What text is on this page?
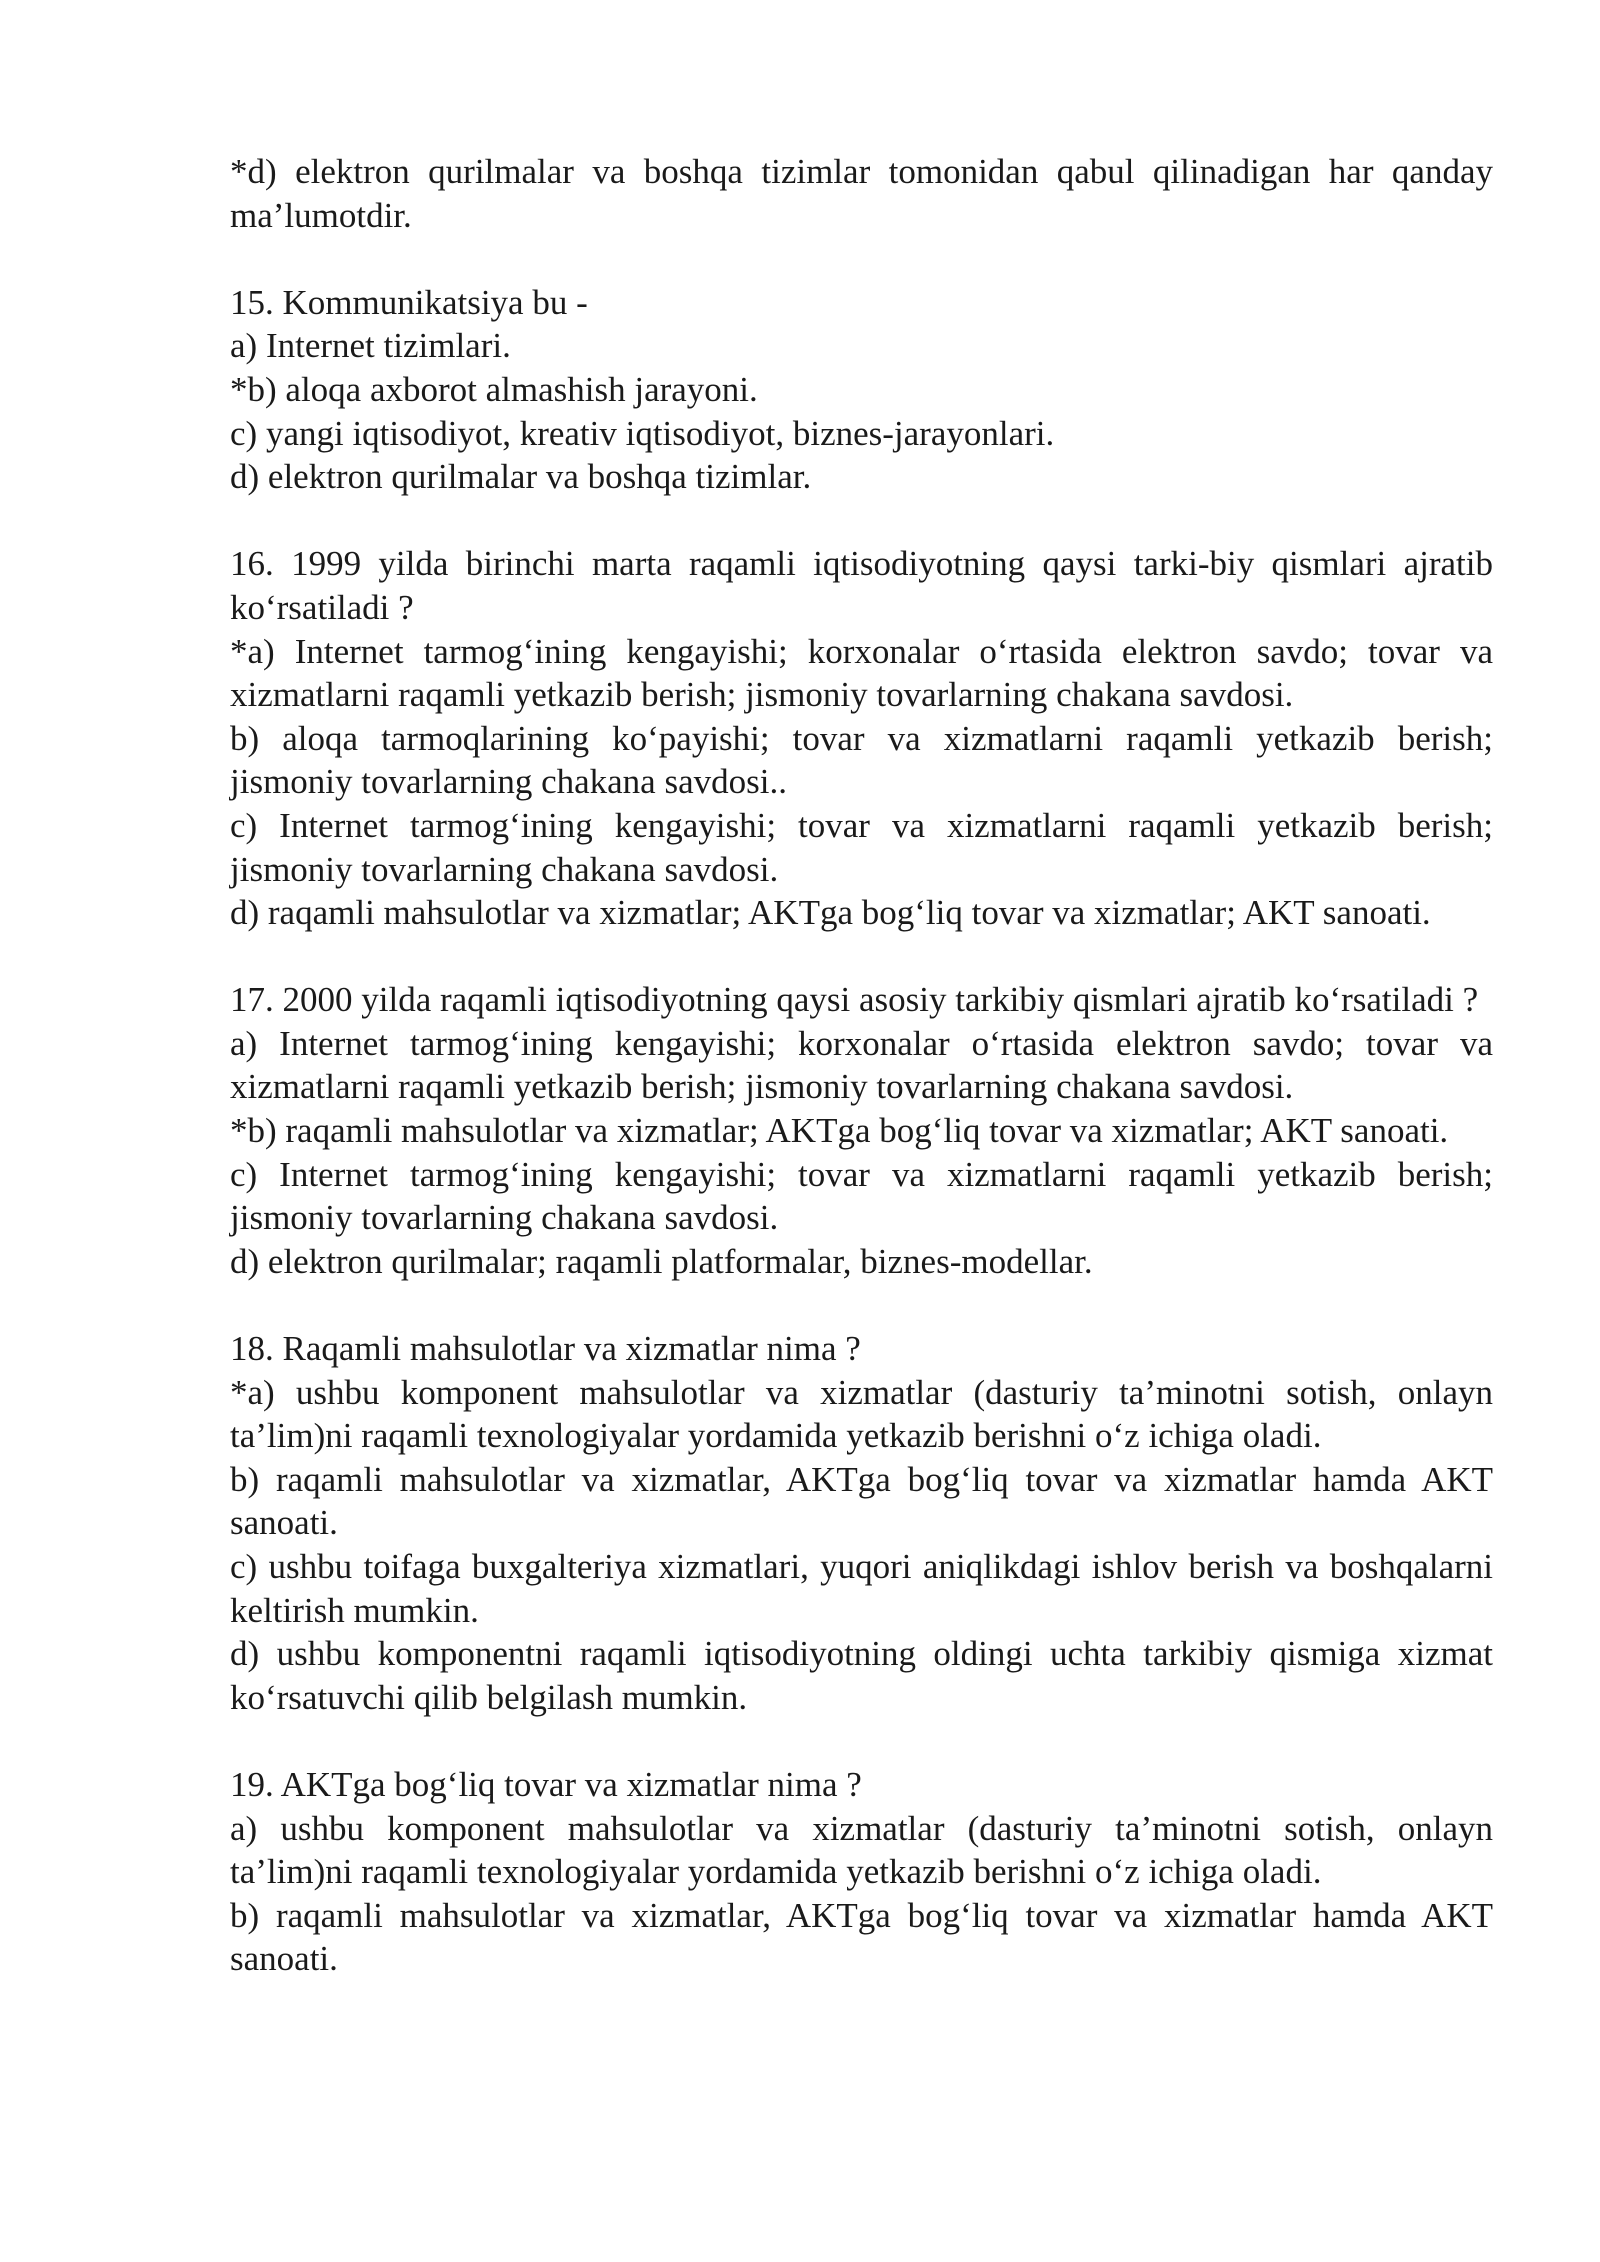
*d) elektron qurilmalar va boshqa tizimlar tomonidan qabul qilinadigan har qanday ma’lumotdir.
15. Kommunikatsiya bu -
a) Internet tizimlari.
*b) aloqa axborot almashish jarayoni.
c) yangi iqtisodiyot, kreativ iqtisodiyot, biznes-jarayonlari.
d) elektron qurilmalar va boshqa tizimlar.
16. 1999 yilda birinchi marta raqamli iqtisodiyotning qaysi tarki-biy qismlari ajratib ko‘rsatiladi ?
*a) Internet tarmog‘ining kengayishi; korxonalar o‘rtasida elektron savdo; tovar va xizmatlarni raqamli yetkazib berish; jismoniy tovarlarning chakana savdosi.
b) aloqa tarmoqlarining ko‘payishi; tovar va xizmatlarni raqamli yetkazib berish; jismoniy tovarlarning chakana savdosi..
c) Internet tarmog‘ining kengayishi; tovar va xizmatlarni raqamli yetkazib berish; jismoniy tovarlarning chakana savdosi.
d) raqamli mahsulotlar va xizmatlar; AKTga bog‘liq tovar va xizmatlar; AKT sanoati.
17. 2000 yilda raqamli iqtisodiyotning qaysi asosiy tarkibiy qismlari ajratib ko‘rsatiladi ?
a) Internet tarmog‘ining kengayishi; korxonalar o‘rtasida elektron savdo; tovar va xizmatlarni raqamli yetkazib berish; jismoniy tovarlarning chakana savdosi.
*b) raqamli mahsulotlar va xizmatlar; AKTga bog‘liq tovar va xizmatlar; AKT sanoati.
c) Internet tarmog‘ining kengayishi; tovar va xizmatlarni raqamli yetkazib berish; jismoniy tovarlarning chakana savdosi.
d) elektron qurilmalar; raqamli platformalar, biznes-modellar.
18. Raqamli mahsulotlar va xizmatlar nima ?
*a) ushbu komponent mahsulotlar va xizmatlar (dasturiy ta’minotni sotish, onlayn ta’lim)ni raqamli texnologiyalar yordamida yetkazib berishni o‘z ichiga oladi.
b) raqamli mahsulotlar va xizmatlar, AKTga bog‘liq tovar va xizmatlar hamda AKT sanoati.
c) ushbu toifaga buxgalteriya xizmatlari, yuqori aniqlikdagi ishlov berish va boshqalarni keltirish mumkin.
d) ushbu komponentni raqamli iqtisodiyotning oldingi uchta tarkibiy qismiga xizmat ko‘rsatuvchi qilib belgilash mumkin.
19. AKTga bog‘liq tovar va xizmatlar nima ?
a) ushbu komponent mahsulotlar va xizmatlar (dasturiy ta’minotni sotish, onlayn ta’lim)ni raqamli texnologiyalar yordamida yetkazib berishni o‘z ichiga oladi.
b) raqamli mahsulotlar va xizmatlar, AKTga bog‘liq tovar va xizmatlar hamda AKT sanoati.
